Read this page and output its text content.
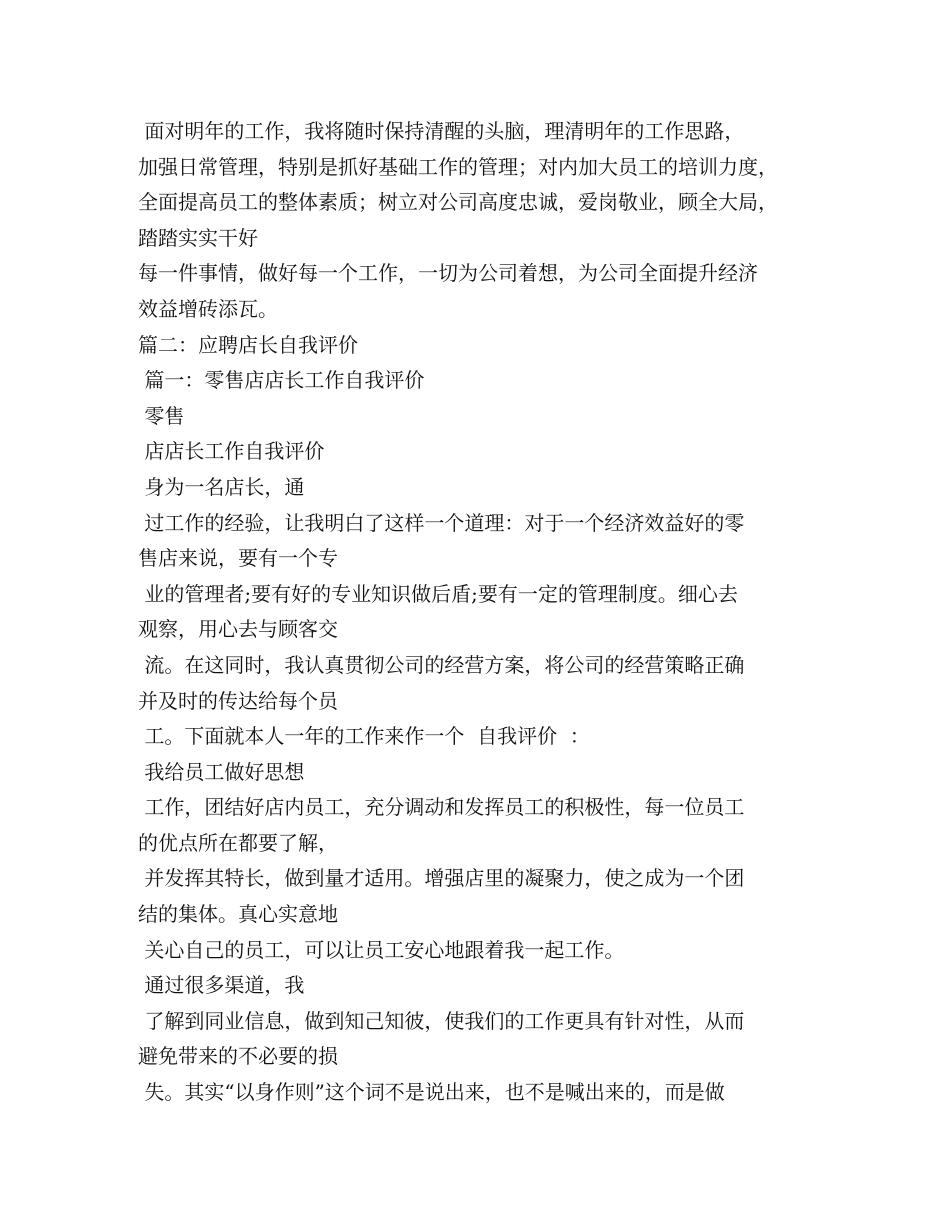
面对明年的工作，我将随时保持清醒的头脑，理清明年的工作思路，
加强日常管理，特别是抓好基础工作的管理；对内加大员工的培训力度，
全面提高员工的整体素质；树立对公司高度忠诚，爱岗敬业，顾全大局，
踏踏实实干好
每一件事情，做好每一个工作，一切为公司着想，为公司全面提升经济
效益增砖添瓦。
篇二：应聘店长自我评价
篇一：零售店店长工作自我评价
零售
店店长工作自我评价
身为一名店长，通
过工作的经验，让我明白了这样一个道理：对于一个经济效益好的零
售店来说，要有一个专
业的管理者;要有好的专业知识做后盾;要有一定的管理制度。细心去
观察，用心去与顾客交
流。在这同时，我认真贯彻公司的经营方案，将公司的经营策略正确
并及时的传达给每个员
工。下面就本人一年的工作来作一个  自我评价  ：
我给员工做好思想
工作，团结好店内员工，充分调动和发挥员工的积极性，每一位员工
的优点所在都要了解，
并发挥其特长，做到量才适用。增强店里的凝聚力，使之成为一个团
结的集体。真心实意地
关心自己的员工，可以让员工安心地跟着我一起工作。
通过很多渠道，我
了解到同业信息，做到知己知彼，使我们的工作更具有针对性，从而
避免带来的不必要的损
失。其实“以身作则”这个词不是说出来，也不是喊出来的，而是做
